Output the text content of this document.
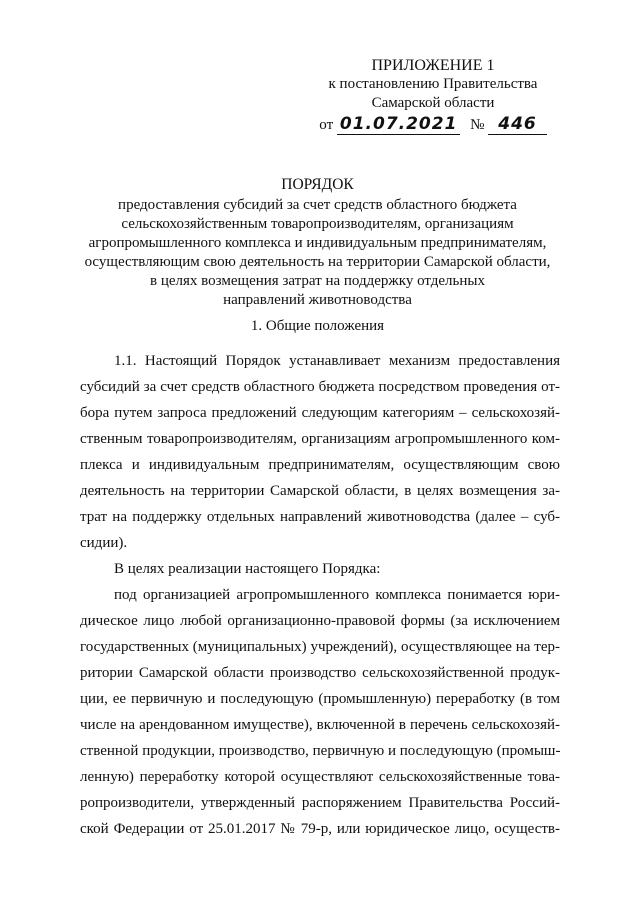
ПРИЛОЖЕНИЕ 1
к постановлению Правительства
Самарской области
от 01.07.2021 № 446
ПОРЯДОК
предоставления субсидий за счет средств областного бюджета
сельскохозяйственным товаропроизводителям, организациям
агропромышленного комплекса и индивидуальным предпринимателям,
осуществляющим свою деятельность на территории Самарской области,
в целях возмещения затрат на поддержку отдельных
направлений животноводства
1. Общие положения
1.1. Настоящий Порядок устанавливает механизм предоставления
субсидий за счет средств областного бюджета посредством проведения от-
бора путем запроса предложений следующим категориям – сельскохозяй-
ственным товаропроизводителям, организациям агропромышленного ком-
плекса и индивидуальным предпринимателям, осуществляющим свою
деятельность на территории Самарской области, в целях возмещения за-
трат на поддержку отдельных направлений животноводства (далее – суб-
сидии).
В целях реализации настоящего Порядка:
под организацией агропромышленного комплекса понимается юри-
дическое лицо любой организационно-правовой формы (за исключением
государственных (муниципальных) учреждений), осуществляющее на тер-
ритории Самарской области производство сельскохозяйственной продук-
ции, ее первичную и последующую (промышленную) переработку (в том
числе на арендованном имуществе), включенной в перечень сельскохозяй-
ственной продукции, производство, первичную и последующую (промыш-
ленную) переработку которой осуществляют сельскохозяйственные това-
ропроизводители, утвержденный распоряжением Правительства Россий-
ской Федерации от 25.01.2017 № 79-р, или юридическое лицо, осуществ-
